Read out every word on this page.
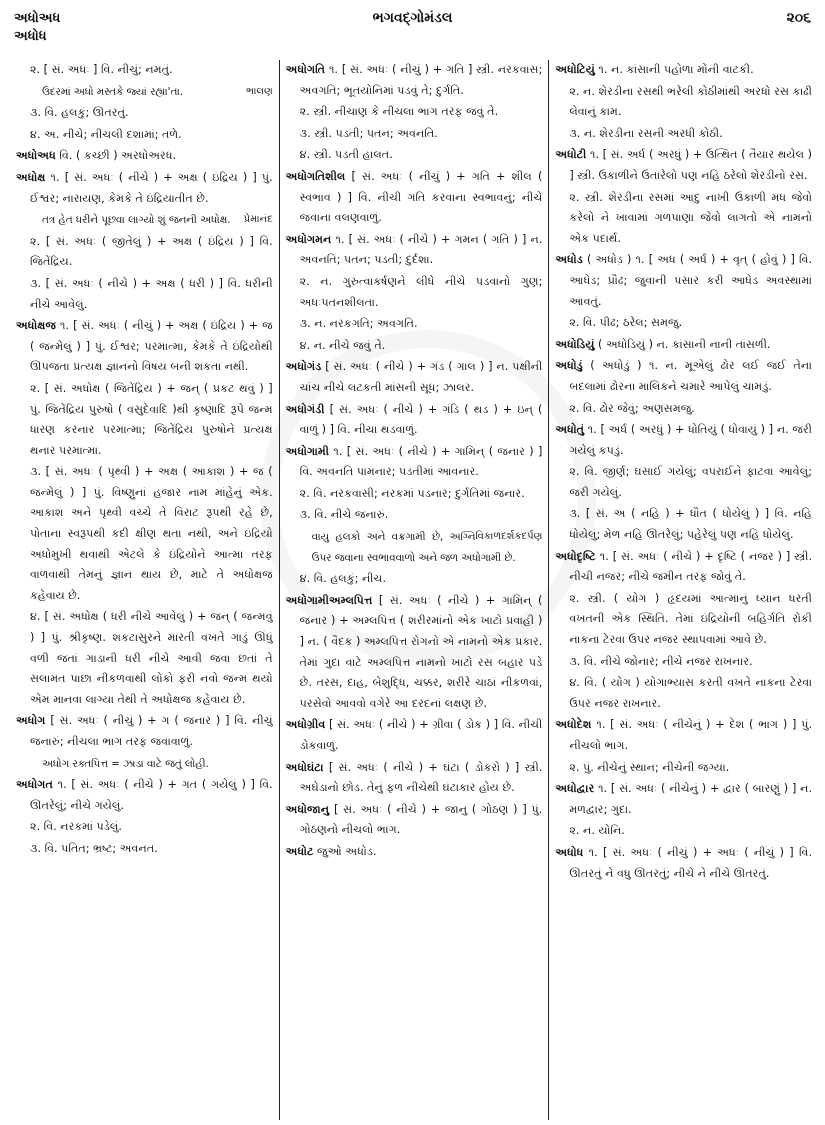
અધોઅધ
અધોધ
ભગવદ્ગોમંડલ	૨૦૬

૨. [ સં. અધઃ ] વિ. નીચું; નમતું.

ભાલણ
ઉદરમાં અધો મસ્તકે જ્યાં રહ્યા'તા.

૩. વિ. હલકું; ઊતરતું.

૪. અ. નીચે; નીચલી દશામાં; તળે.

અધોઅધ વિ. ( કચ્છી ) અરધોઅરધ.

અધોક્ષ ૧. [ સં. અધઃ ( નીચે ) + અક્ષ ( ઇંદ્રિય ) ] પું. ઈશ્વર; નારાયણ, કેમકે તે ઇંદ્રિયાતીત છે.

પ્રેમાનંદ
તત્ર હેત ધરીને પૂછવા લાગ્યો શું જનની અધોક્ષ.

૨. [ સં. અધઃ ( જીતેલું ) + અક્ષ ( ઇંદ્રિય ) ] વિ. જિતેંદ્રિય.

૩. [ સં. અધઃ ( નીચે ) + અક્ષ ( ધરી ) ] વિ. ધરીની નીચે આવેલું.

અધોક્ષજ ૧. [ સં. અધઃ ( નીચું ) + અક્ષ ( ઇંદ્રિય ) + જ ( જન્મેલું ) ] પું. ઈશ્વર; પરમાત્મા, કેમકે તે ઇંદ્રિયોથી ઊપજતા પ્રત્યક્ષ જ્ઞાનનો વિષય બની શકતા નથી.

૨. [ સં. અધોક્ષ ( જિતેંદ્રિય ) + જન્ ( પ્રકટ થવું ) ] પું. જિતેંદ્રિય પુરુષો ( વસુદેવાદિ )થી કૃષ્ણાદિ રૂપે જન્મ ધારણ કરનાર પરમાત્મા; જિતેંદ્રિય પુરુષોને પ્રત્યક્ષ થનાર પરમાત્મા.

૩. [ સં. અધઃ ( પૃથ્વી ) + અક્ષ ( આકાશ ) + જ ( જન્મેલું ) ] પું. વિષ્ણુનાં હજાર નામ માંહેનું એક. આકાશ અને પૃથ્વી વચ્ચે તે વિરાટ રૂપથી રહે છે, પોતાના સ્વરૂપથી કદી ક્ષીણ થતા નથી, અને ઇંદ્રિયો અધોમુખી થવાથી એટલે કે ઇંદ્રિયોને આત્મા તરફ વાળવાથી તેમનું જ્ઞાન થાય છે, માટે તે અધોક્ષજ કહેવાય છે.

૪. [ સં. અધોક્ષ ( ધરી નીચે આવેલું ) + જન્ ( જન્મવું ) ] પું. શ્રીકૃષ્ણ. શકટાસુરને મારતી વખતે ગાડું ઊંધું વળી જતાં ગાડાની ધરી નીચે આવી જવા છતાં તે સલામત પાછા નીકળવાથી લોકો ફરી નવો જન્મ થયો એમ માનવા લાગ્યા તેથી તે અધોક્ષજ કહેવાય છે.

અધોગ [ સં. અધઃ ( નીચું ) + ગ ( જનાર ) ] વિ. નીચું જનારું; નીચલા ભાગ તરફ જવાવાળું.

અધોગ રક્તપિત્ત = ઝાડા વાટે જતું લોહી.

અધોગત ૧. [ સં. અધઃ ( નીચે ) + ગત ( ગયેલું ) ] વિ. ઊતરેલું; નીચે ગયેલું.

૨. વિ. નરકમાં પડેલું.

૩. વિ. પતિત; ભ્રષ્ટ; અવનત.

અધોગતિ ૧. [ સં. અધઃ ( નીચું ) + ગતિ ] સ્ત્રી. નરકવાસ; અવગતિ; ભૂતયોનિમાં પડવું તે; દુર્ગતિ.

૨. સ્ત્રી. નીચાણ કે નીચલા ભાગ તરફ જવું તે.

૩. સ્ત્રી. પડતી; પતન; અવનતિ.

૪. સ્ત્રી. પડતી હાલત.

અધોગતિશીલ [ સં. અધઃ ( નીચું ) + ગતિ + શીલ ( સ્વભાવ ) ] વિ. નીચી ગતિ કરવાના સ્વભાવનું; નીચે જવાના વલણવાળું.

અધોગમન ૧. [ સં. અધઃ ( નીચે ) + ગમન ( ગતિ ) ] ન. અવનતિ; પતન; પડતી; દુર્દશા.

૨. ન. ગુરુત્વાકર્ષણને લીધે નીચે પડવાનો ગુણ; અધઃપતનશીલતા.

૩. ન. નરકગતિ; અવગતિ.

૪. ન. નીચે જવું તે.

અધોગંડ [ સં. અધઃ ( નીચે ) + ગંડ ( ગાલ ) ] ન. પક્ષીની ચાંચ નીચે લટકતી માંસની સૂધ; ઝાલર.

અધોગંડી [ સં. અધઃ ( નીચે ) + ગંડિ ( થડ ) + ઇન્ ( વાળું ) ] વિ. નીચા થડવાળું.

અધોગામી ૧. [ સં. અધઃ ( નીચે ) + ગામિન્ ( જનાર ) ] વિ. અવનતિ પામનાર; પડતીમાં આવનાર.

૨. વિ. નરકવાસી; નરકમાં પડનાર; દુર્ગતિમાં જનાર.

૩. વિ. નીચે જનારું.

વિકાળદર્શકદર્પણ
વાયુ હલકો અને વક્રગામી છે, અગ્નિ ઉપર જવાના સ્વભાવવાળો અને જળ અધોગામી છે.

૪. વિ. હલકું; નીચ.

અધોગામીઅમ્લપિત્ત [ સં. અધઃ ( નીચે ) + ગામિન્ ( જનાર ) + અમ્લપિત્ત ( શરીરમાંનો એક ખાટો પ્રવાહી ) ] ન. ( વૈદક ) અમ્લપિત્ત રોગનો એ નામનો એક પ્રકાર. તેમાં ગુદા વાટે અમ્લપિત્ત નામનો ખાટો રસ બહાર પડે છે. તરસ, દાહ, બેશુદ્ધિ, ચક્કર, શરીરે ચાઠાં નીકળવાં, પરસેવો આવવો વગેરે આ દરદનાં લક્ષણ છે.

અધોગ્રીવ [ સં. અધઃ ( નીચે ) + ગ્રીવા ( ડોક ) ] વિ. નીચી ડોકવાળું.

અધોઘંટા [ સં. અધઃ ( નીચે ) + ઘંટા ( ડોકરો ) ] સ્ત્રી. અઘેડાનો છોડ. તેનું ફળ નીચેથી ઘંટાકાર હોય છે.

અધોજાનુ [ સં. અધઃ ( નીચે ) + જાનુ ( ગોઠણ ) ] પું. ગોઠણનો નીચલો ભાગ.

અધોટ જુઓ અધોડ.

અધોટિયું ૧. ન. કાંસાની પહોળા મોંની વાટકી.

૨. ન. શેરડીના રસથી ભરેલી કોઠીમાંથી અરધો રસ કાઢી લેવાનું કામ.

૩. ન. શેરડીના રસની અરધી કોઠી.

અધોટી ૧. [ સં. અર્ધ ( અરધું ) + ઉત્થિત ( તૈયાર થયેલ ) ] સ્ત્રી. ઉકાળીને ઉતારેલો પણ નહિ ઠરેલો શેરડીનો રસ.

૨. સ્ત્રી. શેરડીના રસમાં આદુ નાખી ઉકાળી મધ જેવો કરેલો ને ખાવામાં ગળપાણા જેવો લાગતો એ નામનો એક પદાર્થ.

અધોડ ( અધોડ઼ ) ૧. [ અધ ( અર્ધ ) + વૃત્ ( હોવું ) ] વિ. આધેડ; પ્રૌઢ; જુવાની પસાર કરી આધેડ અવસ્થામાં આવતું.

૨. વિ. પીઢ; ઠરેલ; સમજુ.

અધોડિયું ( અધોડિયું ) ન. કાંસાની નાની તાંસળી.

અધોડું ( અધોડું ) ૧. ન. મૂએલું ઢોર લઈ જઈ તેના બદલામાં ઢોરના માલિકને ચમારે આપેલું ચામડું.

૨. વિ. ઢોર જેવું; અણસમજુ.

અધોતું ૧. [ અર્ધ ( અરધું ) + ધોતિયું ( ધોવાયું ) ] ન. જરી ગયેલું કપડું.

૨. વિ. જીર્ણ; ઘસાઈ ગયેલું; વપરાઈને ફાટવા આવેલું; જરી ગયેલું.

૩. [ સં. અ ( નહિ ) + ધૌત ( ધોયેલું ) ] વિ. નહિ ધોયેલું; મેળ નહિ ઊતરેલું; પહેરેલું પણ નહિ ધોયેલું.

અધોદૃષ્ટિ ૧. [ સં. અધઃ ( નીચે ) + દૃષ્ટિ ( નજર ) ] સ્ત્રી. નીચી નજર; નીચે જમીન તરફ જોવું તે.

૨. સ્ત્રી. ( યોગ ) હૃદયમાં આત્માનું ધ્યાન ધરતી વખતની એક સ્થિતિ. તેમાં ઇંદ્રિયોની બહિર્ગતિ રોકી નાકના ટેરવા ઉપર નજર સ્થાપવામાં આવે છે.

૩. વિ. નીચે જોનાર; નીચે નજર રાખનાર.

૪. વિ. ( યોગ ) યોગાભ્યાસ કરતી વખતે નાકના ટેરવા ઉપર નજર રાખનાર.

અધોદેશ ૧. [ સં. અધઃ ( નીચેનું ) + દેશ ( ભાગ ) ] પું. નીચલો ભાગ.

૨. પું. નીચેનું સ્થાન; નીચેની જગ્યા.

અધોદ્વાર ૧. [ સં. અધઃ ( નીચેનું ) + દ્વાર ( બારણું ) ] ન. મળદ્વાર; ગુદા.

૨. ન. યોનિ.

અધોધ ૧. [ સં. અધઃ ( નીચું ) + અધઃ ( નીચું ) ] વિ. ઊતરતું ને વધુ ઊતરતું; નીચે ને નીચે ઊતરતું.
